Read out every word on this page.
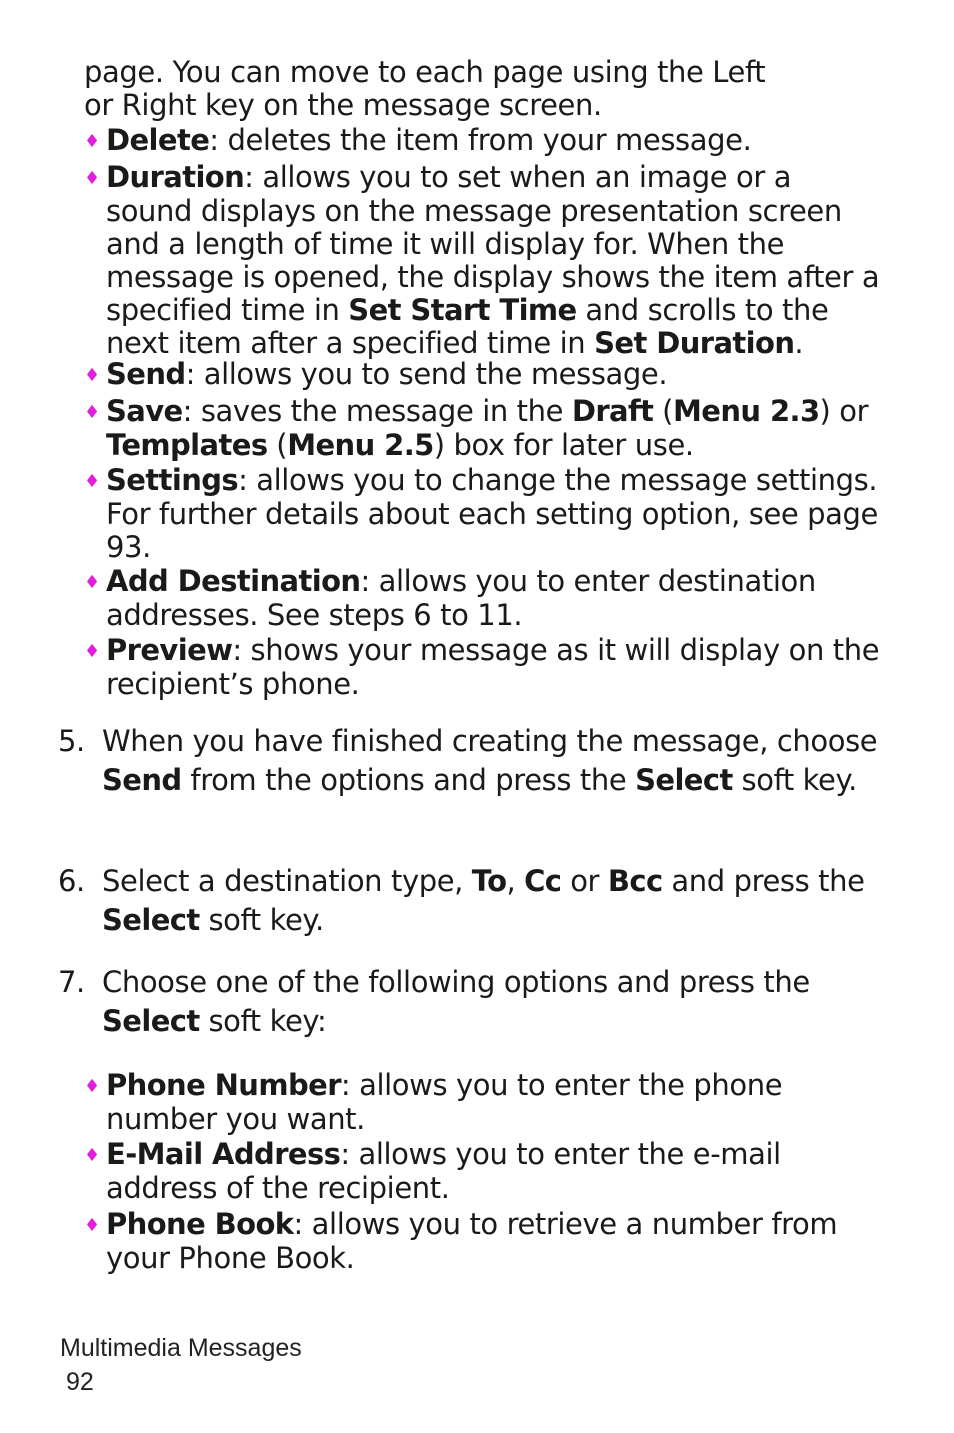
page. You can move to each page using the Left
or Right key on the message screen.
♦ Delete: deletes the item from your message.
♦ Duration: allows you to set when an image or a sound displays on the message presentation screen and a length of time it will display for. When the message is opened, the display shows the item after a specified time in Set Start Time and scrolls to the next item after a specified time in Set Duration.
♦ Send: allows you to send the message.
♦ Save: saves the message in the Draft (Menu 2.3) or Templates (Menu 2.5) box for later use.
♦ Settings: allows you to change the message settings. For further details about each setting option, see page 93.
♦ Add Destination: allows you to enter destination addresses. See steps 6 to 11.
♦ Preview: shows your message as it will display on the recipient’s phone.
5. When you have finished creating the message, choose Send from the options and press the Select soft key.
6. Select a destination type, To, Cc or Bcc and press the Select soft key.
7. Choose one of the following options and press the Select soft key:
♦ Phone Number: allows you to enter the phone number you want.
♦ E-Mail Address: allows you to enter the e-mail address of the recipient.
♦ Phone Book: allows you to retrieve a number from your Phone Book.
Multimedia Messages
92
